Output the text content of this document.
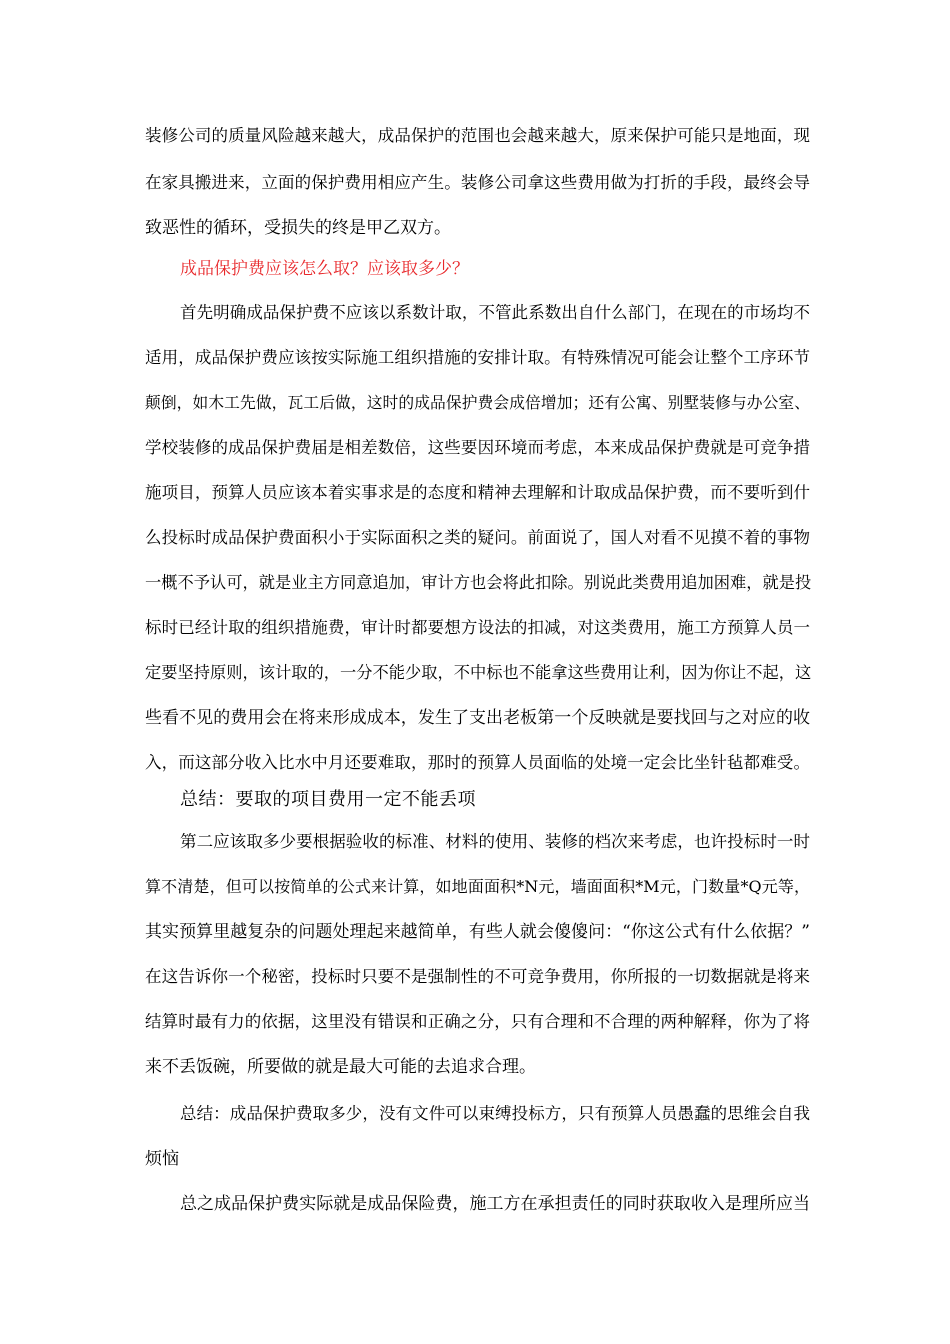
装修公司的质量风险越来越大，成品保护的范围也会越来越大，原来保护可能只是地面，现
在家具搬进来，立面的保护费用相应产生。装修公司拿这些费用做为打折的手段，最终会导
致恶性的循环，受损失的终是甲乙双方。
成品保护费应该怎么取？应该取多少？
首先明确成品保护费不应该以系数计取，不管此系数出自什么部门，在现在的市场均不
适用，成品保护费应该按实际施工组织措施的安排计取。有特殊情况可能会让整个工序环节
颠倒，如木工先做，瓦工后做，这时的成品保护费会成倍增加；还有公寓、别墅装修与办公室、
学校装修的成品保护费届是相差数倍，这些要因环境而考虑，本来成品保护费就是可竞争措
施项目，预算人员应该本着实事求是的态度和精神去理解和计取成品保护费，而不要听到什
么投标时成品保护费面积小于实际面积之类的疑问。前面说了，国人对看不见摸不着的事物
一概不予认可，就是业主方同意追加，审计方也会将此扣除。别说此类费用追加困难，就是投
标时已经计取的组织措施费，审计时都要想方设法的扣减，对这类费用，施工方预算人员一
定要坚持原则，该计取的，一分不能少取，不中标也不能拿这些费用让利，因为你让不起，这
些看不见的费用会在将来形成成本，发生了支出老板第一个反映就是要找回与之对应的收
入，而这部分收入比水中月还要难取，那时的预算人员面临的处境一定会比坐针毡都难受。
总结：要取的项目费用一定不能丢项
第二应该取多少要根据验收的标准、材料的使用、装修的档次来考虑，也许投标时一时
算不清楚，但可以按简单的公式来计算，如地面面积*N元，墙面面积*M元，门数量*Q元等，
其实预算里越复杂的问题处理起来越简单，有些人就会傻傻问：“你这公式有什么依据？”
在这告诉你一个秘密，投标时只要不是强制性的不可竞争费用，你所报的一切数据就是将来
结算时最有力的依据，这里没有错误和正确之分，只有合理和不合理的两种解释，你为了将
来不丢饭碗，所要做的就是最大可能的去追求合理。
总结：成品保护费取多少，没有文件可以束缚投标方，只有预算人员愚蠢的思维会自我
烦恼
总之成品保护费实际就是成品保险费，施工方在承担责任的同时获取收入是理所应当
